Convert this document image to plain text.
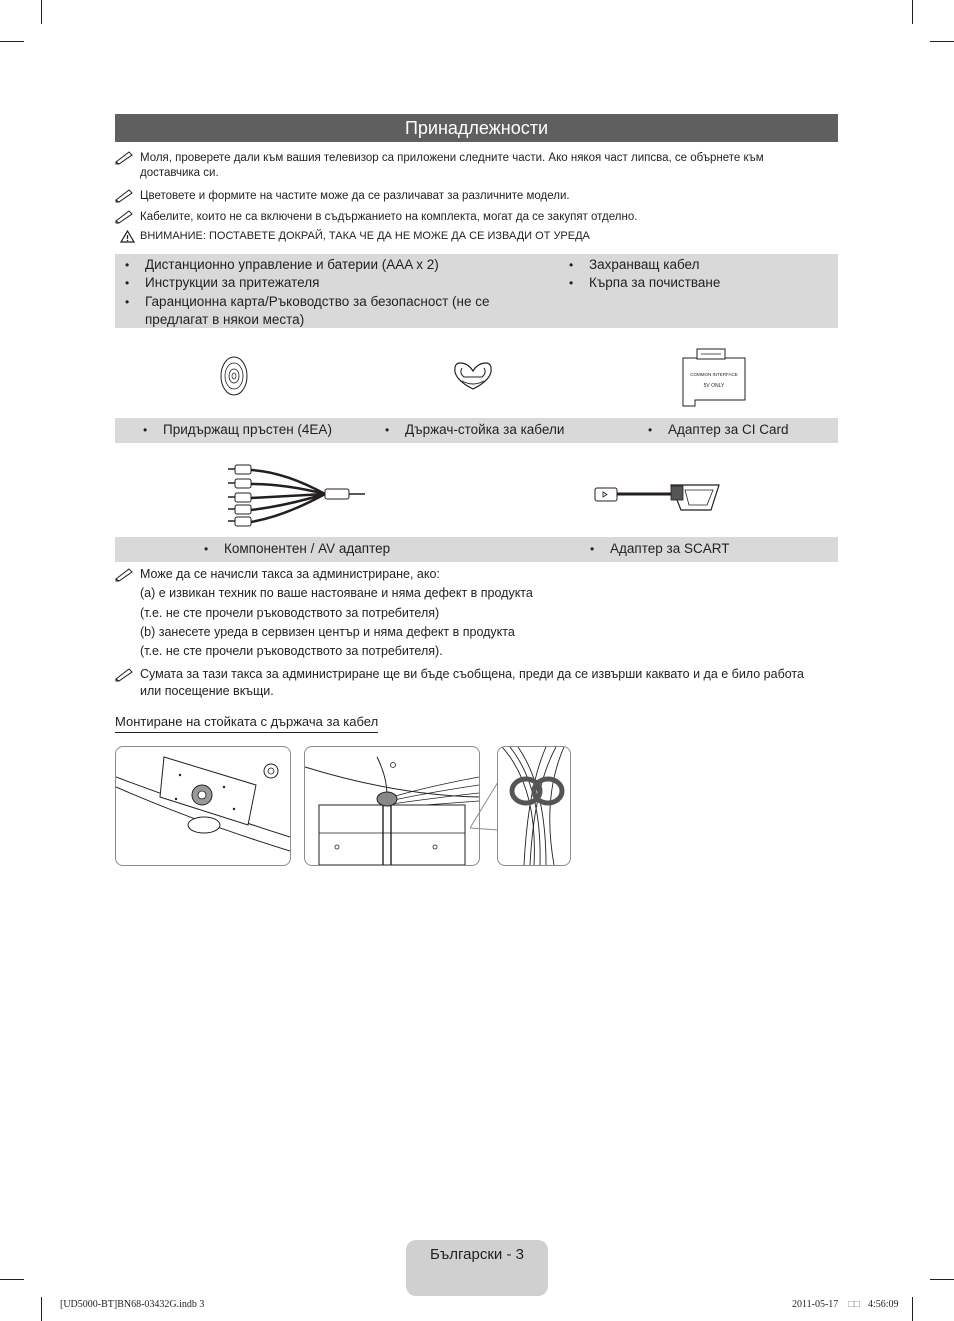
Принадлежности
Моля, проверете дали към вашия телевизор са приложени следните части. Ако някоя част липсва, се обърнете към доставчика си.
Цветовете и формите на частите може да се различават за различните модели.
Кабелите, които не са включени в съдържанието на комплекта, могат да се закупят отделно.
ВНИМАНИЕ: ПОСТАВЕТЕ ДОКРАЙ, ТАКА ЧЕ ДА НЕ МОЖЕ ДА СЕ ИЗВАДИ ОТ УРЕДА
• Дистанционно управление и батерии (AAA x 2)
• Инструкции за притежателя
• Гаранционна карта/Ръководство за безопасност (не се предлагат в някои места)
• Захранващ кабел
• Кърпа за почистване
COMMON INTERFACE
5V ONLY
• Придържащ пръстен (4EA)	• Държач-стойка за кабели	• Адаптер за CI Card
• Компонентен / AV адаптер	• Адаптер за SCART
Може да се начисли такса за администриране, ако:
(a) е извикан техник по ваше настояване и няма дефект в продукта
(т.е. не сте прочели ръководството за потребителя)
(b) занесете уреда в сервизен център и няма дефект в продукта
(т.е. не сте прочели ръководството за потребителя).
Сумата за тази такса за администриране ще ви бъде съобщена, преди да се извърши каквато и да е било работа или посещение вкъщи.
Монтиране на стойката с държача за кабел
Български - 3
[UD5000-BT]BN68-03432G.indb 3	2011-05-17 □□ 4:56:09
